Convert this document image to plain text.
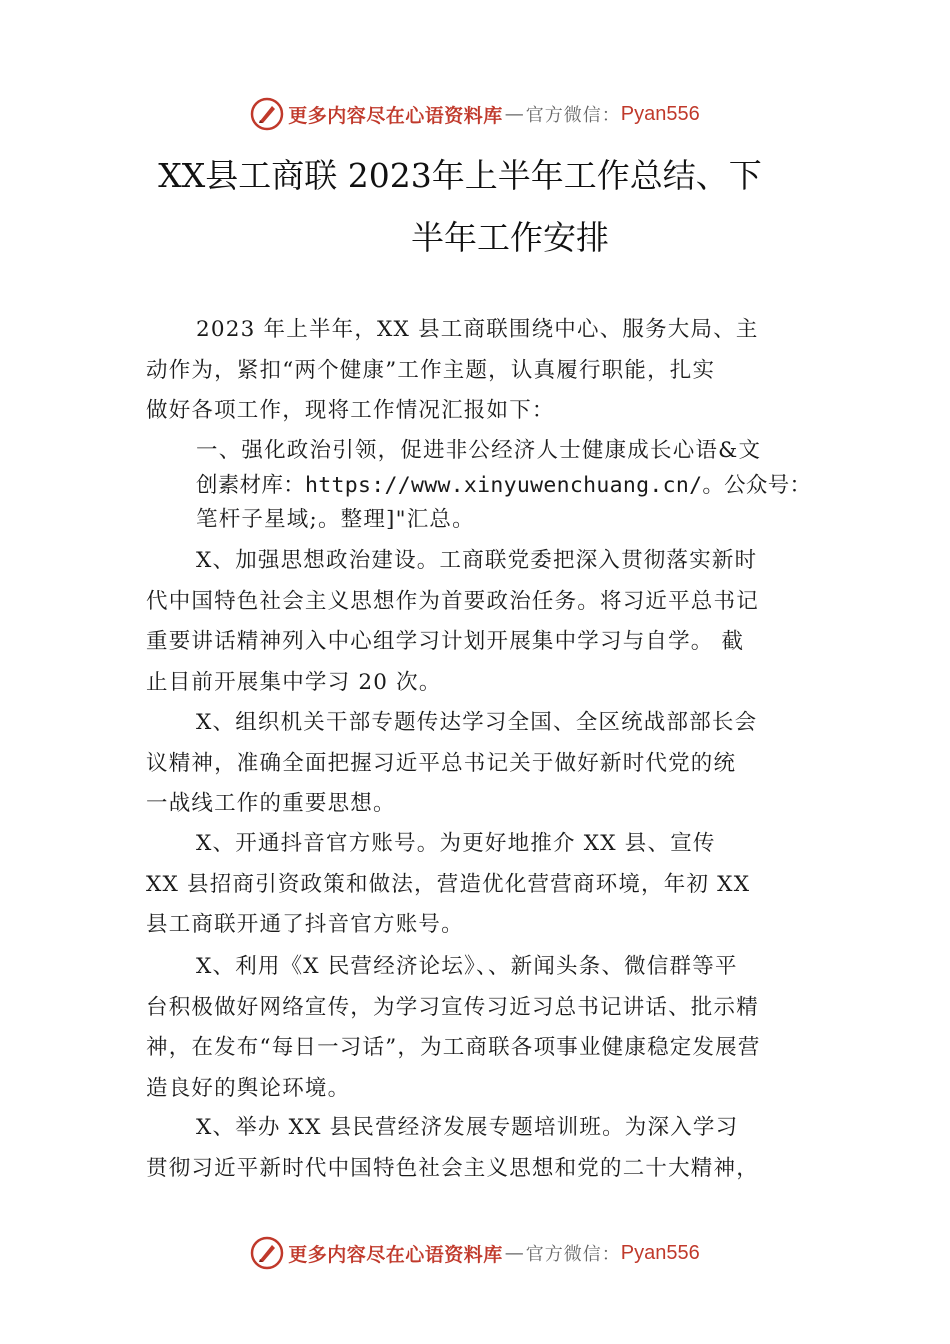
更多内容尽在心语资料库 — 官方微信： Pyan556
XX县工商联 2023年上半年工作总结、下
半年工作安排
2023 年上半年，XX 县工商联围绕中心、服务大局、主
动作为，紧扣“两个健康”工作主题，认真履行职能，扎实
做好各项工作，现将工作情况汇报如下：
一、强化政治引领，促进非公经济人士健康成长心语&文
创素材库：https://www.xinyuwenchuang.cn/。公众号：
笔杆子星域;。整理]"汇总。
X、加强思想政治建设。工商联党委把深入贯彻落实新时
代中国特色社会主义思想作为首要政治任务。将习近平总书记
重要讲话精神列入中心组学习计划开展集中学习与自学。 截
止目前开展集中学习 20 次。
X、组织机关干部专题传达学习全国、全区统战部部长会
议精神，准确全面把握习近平总书记关于做好新时代党的统
一战线工作的重要思想。
X、开通抖音官方账号。为更好地推介 XX 县、宣传
XX 县招商引资政策和做法，营造优化营营商环境，年初 XX
县工商联开通了抖音官方账号。
X、利用《X 民营经济论坛》、、新闻头条、微信群等平
台积极做好网络宣传，为学习宣传习近习总书记讲话、批示精
神，在发布“每日一习话”，为工商联各项事业健康稳定发展营
造良好的舆论环境。
X、举办 XX 县民营经济发展专题培训班。为深入学习
贯彻习近平新时代中国特色社会主义思想和党的二十大精神，
更多内容尽在心语资料库 — 官方微信： Pyan556
